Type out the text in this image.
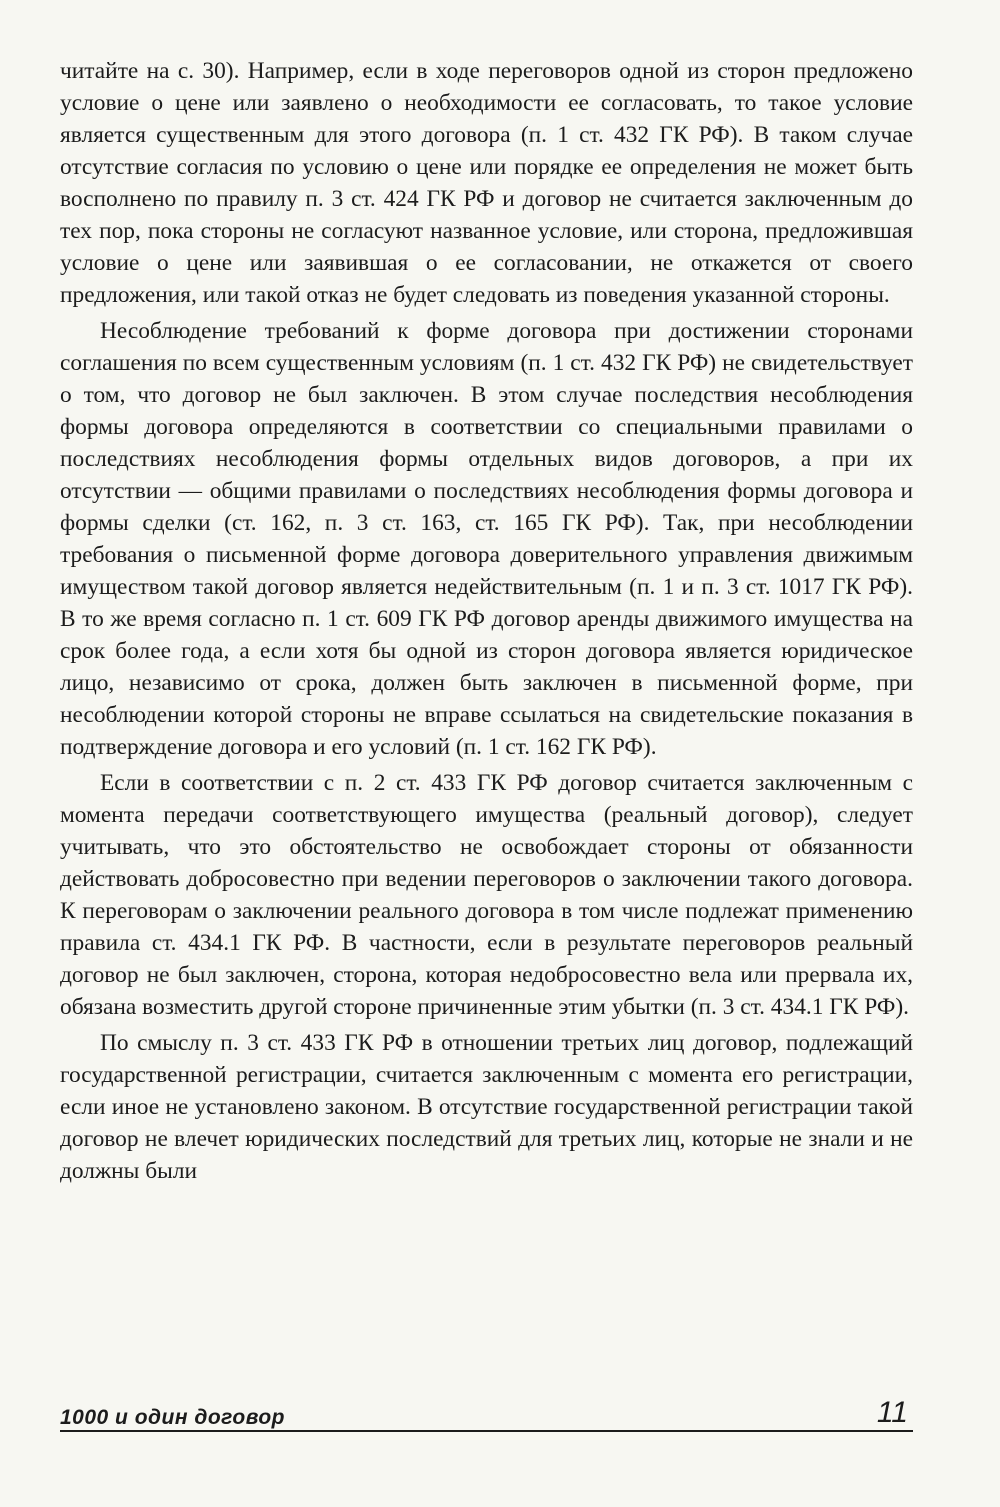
читайте на с. 30). Например, если в ходе переговоров одной из сторон предложено условие о цене или заявлено о необходимости ее согласовать, то такое условие является существенным для этого договора (п. 1 ст. 432 ГК РФ). В таком случае отсутствие согласия по условию о цене или порядке ее определения не может быть восполнено по правилу п. 3 ст. 424 ГК РФ и договор не считается заключенным до тех пор, пока стороны не согласуют названное условие, или сторона, предложившая условие о цене или заявившая о ее согласовании, не откажется от своего предложения, или такой отказ не будет следовать из поведения указанной стороны.

Несоблюдение требований к форме договора при достижении сторонами соглашения по всем существенным условиям (п. 1 ст. 432 ГК РФ) не свидетельствует о том, что договор не был заключен. В этом случае последствия несоблюдения формы договора определяются в соответствии со специальными правилами о последствиях несоблюдения формы отдельных видов договоров, а при их отсутствии — общими правилами о последствиях несоблюдения формы договора и формы сделки (ст. 162, п. 3 ст. 163, ст. 165 ГК РФ). Так, при несоблюдении требования о письменной форме договора доверительного управления движимым имуществом такой договор является недействительным (п. 1 и п. 3 ст. 1017 ГК РФ). В то же время согласно п. 1 ст. 609 ГК РФ договор аренды движимого имущества на срок более года, а если хотя бы одной из сторон договора является юридическое лицо, независимо от срока, должен быть заключен в письменной форме, при несоблюдении которой стороны не вправе ссылаться на свидетельские показания в подтверждение договора и его условий (п. 1 ст. 162 ГК РФ).

Если в соответствии с п. 2 ст. 433 ГК РФ договор считается заключенным с момента передачи соответствующего имущества (реальный договор), следует учитывать, что это обстоятельство не освобождает стороны от обязанности действовать добросовестно при ведении переговоров о заключении такого договора. К переговорам о заключении реального договора в том числе подлежат применению правила ст. 434.1 ГК РФ. В частности, если в результате переговоров реальный договор не был заключен, сторона, которая недобросовестно вела или прервала их, обязана возместить другой стороне причиненные этим убытки (п. 3 ст. 434.1 ГК РФ).

По смыслу п. 3 ст. 433 ГК РФ в отношении третьих лиц договор, подлежащий государственной регистрации, считается заключенным с момента его регистрации, если иное не установлено законом. В отсутствие государственной регистрации такой договор не влечет юридических последствий для третьих лиц, которые не знали и не должны были

1000 и один договор	11
